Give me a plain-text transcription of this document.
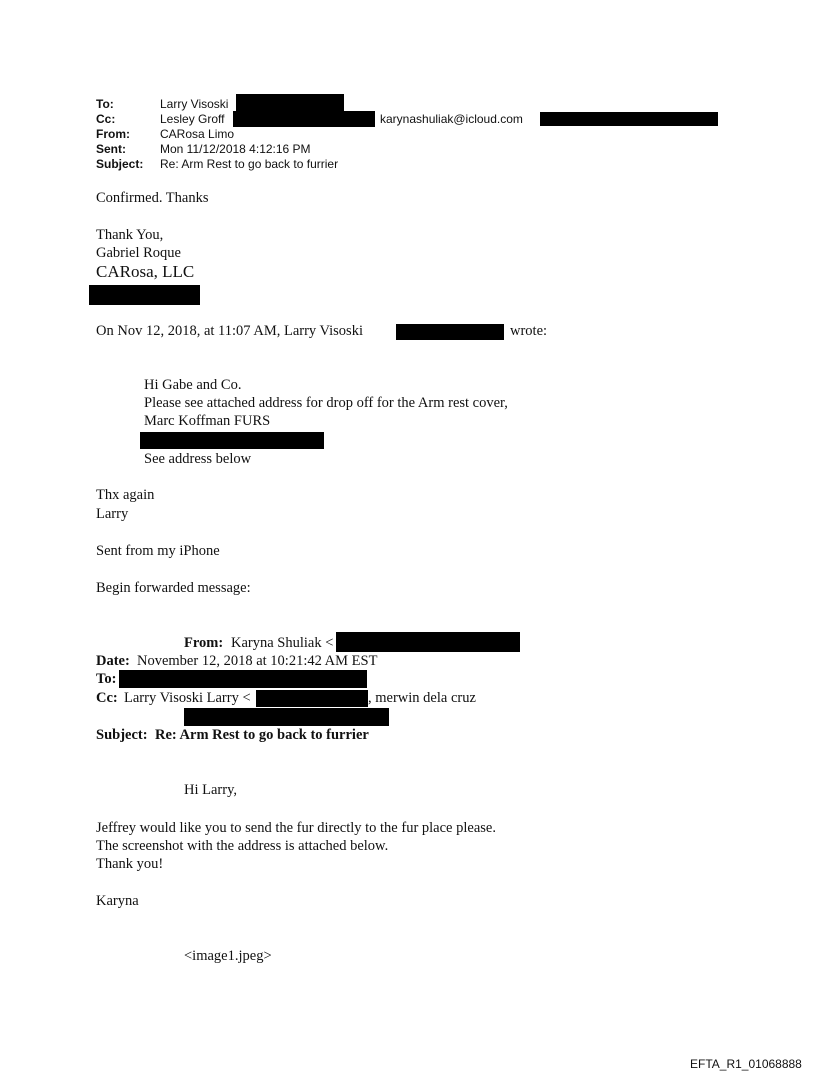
To:	Larry Visoski
Cc:	Lesley Groff	karynashuliak@icloud.com
From:	CARosa Limo
Sent:	Mon 11/12/2018 4:12:16 PM
Subject: Re: Arm Rest to go back to furrier
Confirmed. Thanks
Thank You,
Gabriel Roque
CARosa, LLC
On Nov 12, 2018, at 11:07 AM, Larry Visoski	wrote:
Hi Gabe and Co.
Please see attached address for drop off for the Arm rest cover,
Marc Koffman FURS
See address below
Thx again
Larry
Sent from my iPhone
Begin forwarded message:
From: Karyna Shuliak <
Date: November 12, 2018 at 10:21:42 AM EST
To:
Cc: Larry Visoski Larry <	, merwin dela cruz
Subject: Re: Arm Rest to go back to furrier
Hi Larry,
Jeffrey would like you to send the fur directly to the fur place please.
The screenshot with the address is attached below.
Thank you!
Karyna
<image1.jpeg>
EFTA_R1_01068888
